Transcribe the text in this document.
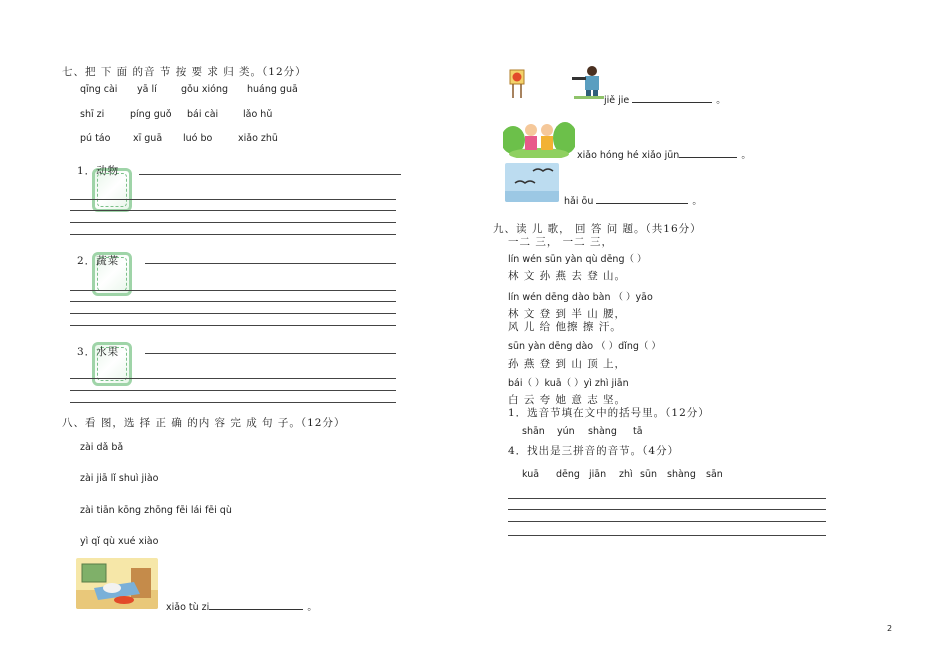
七、把 下 面 的音 节 按 要 求 归 类。（12分）
qīng cài yā lí	gǒu xióng huáng guā
shī zi	píng guǒ bái cài	lǎo hǔ
pú táo xī guā luó bo	xiǎo zhū
1．动物
2．蔬菜
3．水果
八、看 图，选 择 正 确 的内 容 完 成 句 子。（12分）
zài dǎ bǎ
zài jiā lǐ shuì jiào
zài tiān kōng zhōng fēi lái fēi qù
yì qǐ qù xué xiào
xiǎo tù zi	。
jiě jie	。
xiǎo hóng hé xiǎo jūn	。
hǎi ōu	。
九、读 儿 歌， 回 答 问 题。（共16分）
一二 三， 一二 三，
lín wén sūn yàn qù dēng（ ）
林 文 孙 燕 去 登 山。
lín wén dēng dào bàn （ ）yāo
林 文 登 到 半 山 腰，
风 儿 给 他擦 擦 汗。
sūn yàn dēng dào （ ）dǐng（ ）
孙 燕 登 到 山 顶 上，
bái（ ）kuā（ ）yì zhì jiān
白 云 夸 她 意 志 坚。
1．选音节填在文中的括号里。（12分）
shān yún shàng tā
4．找出是三拼音的音节。（4分）
kuā dēng jiān zhì sūn shàng sān
2
